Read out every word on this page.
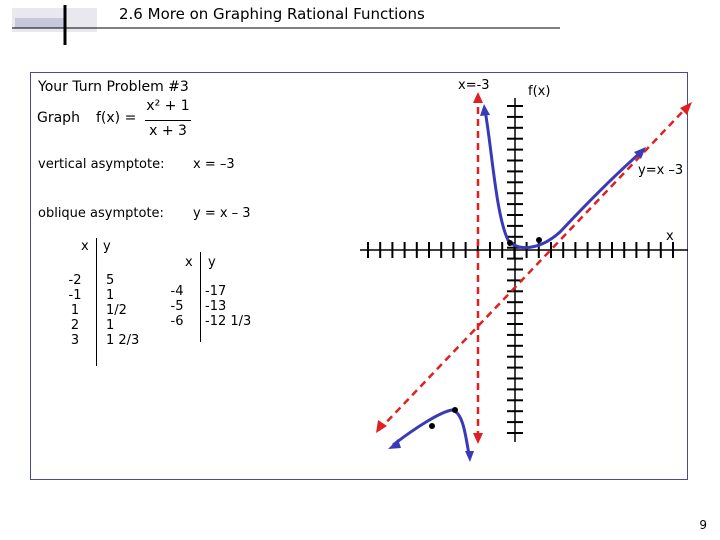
2.6 More on Graphing Rational Functions
Your Turn Problem #3
Graph f(x) =
x² + 1
x + 3
vertical asymptote: x = –3
oblique asymptote: y = x – 3
x y
-2
-1
1
2
3
5
1
1/2
1
1 2/3
x y
-4
-5
-6
-17
-13
-12 1/3
x=-3	f(x)
y=x –3
x
9
